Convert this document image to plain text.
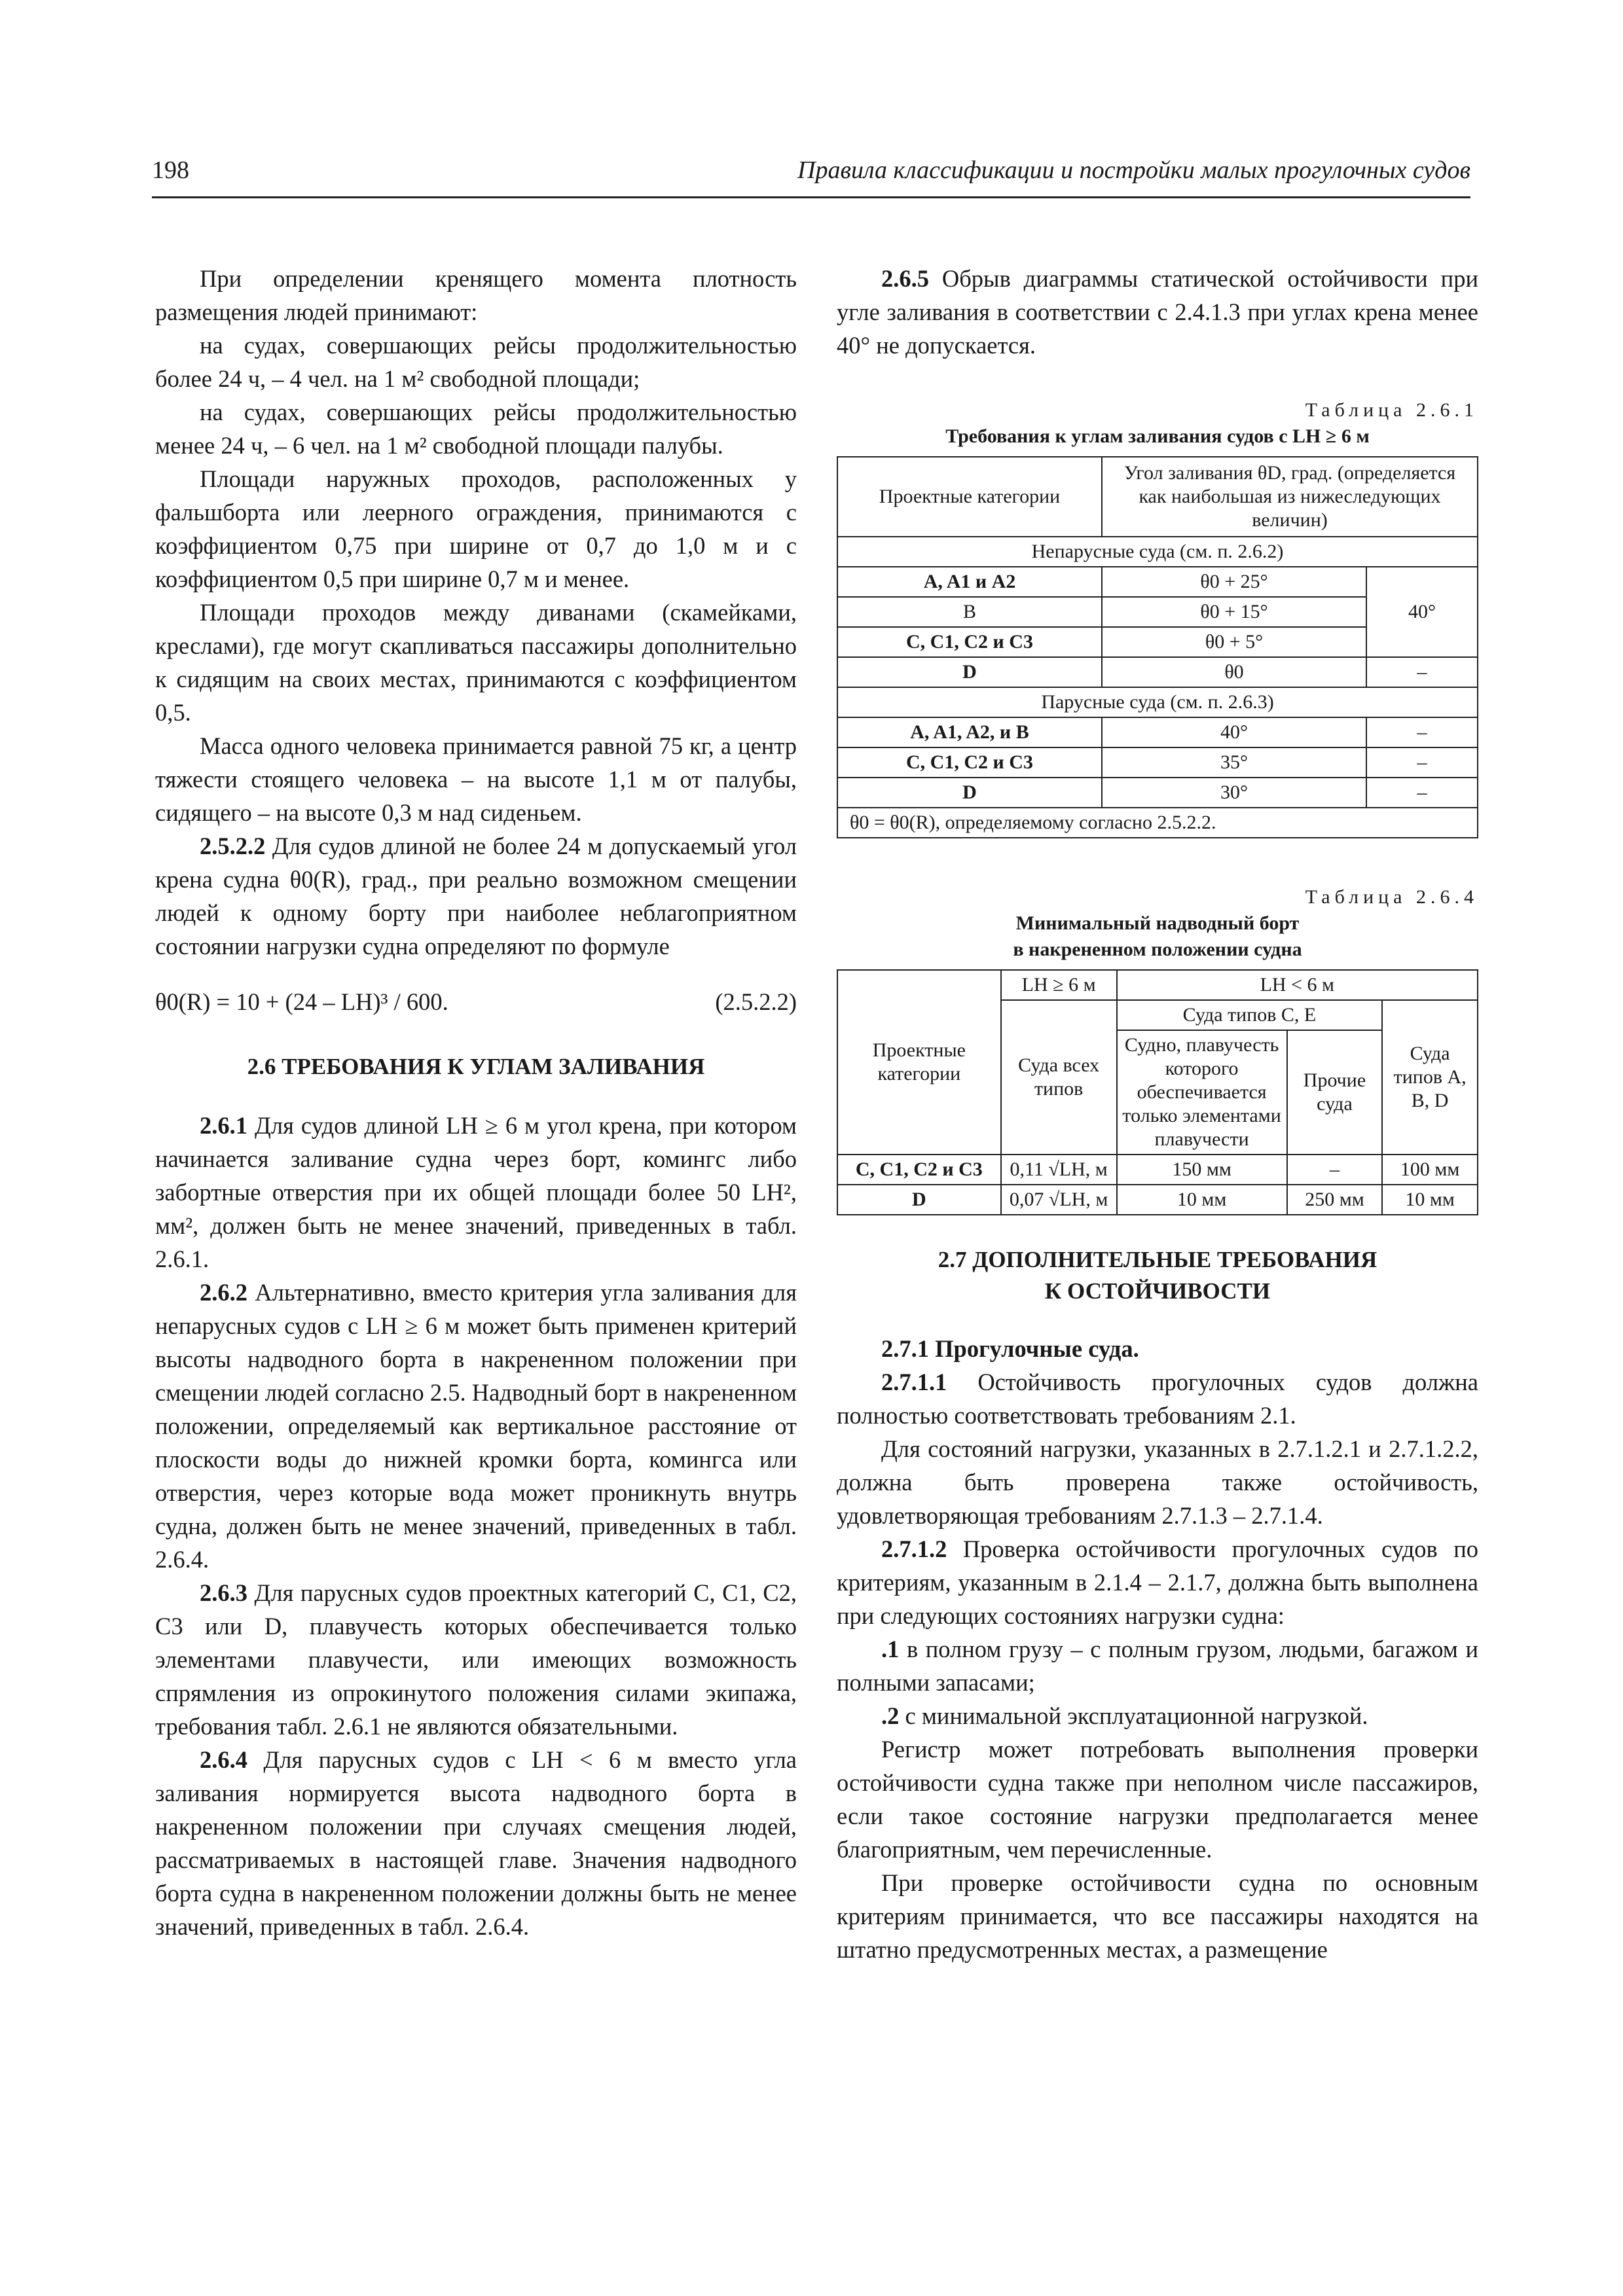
198	Правила классификации и постройки малых прогулочных судов

При определении кренящего момента плотность размещения людей принимают:

на судах, совершающих рейсы продолжительностью более 24 ч, – 4 чел. на 1 м² свободной площади;

на судах, совершающих рейсы продолжительностью менее 24 ч, – 6 чел. на 1 м² свободной площади палубы.

Площади наружных проходов, расположенных у фальшборта или леерного ограждения, принимаются с коэффициентом 0,75 при ширине от 0,7 до 1,0 м и с коэффициентом 0,5 при ширине 0,7 м и менее.

Площади проходов между диванами (скамейками, креслами), где могут скапливаться пассажиры дополнительно к сидящим на своих местах, принимаются с коэффициентом 0,5.

Масса одного человека принимается равной 75 кг, а центр тяжести стоящего человека – на высоте 1,1 м от палубы, сидящего – на высоте 0,3 м над сиденьем.

2.5.2.2 Для судов длиной не более 24 м допускаемый угол крена судна θ0(R), град., при реально возможном смещении людей к одному борту при наиболее неблагоприятном состоянии нагрузки судна определяют по формуле

θ0(R) = 10 + (24 – LH)³ / 600.	(2.5.2.2)
2.6 ТРЕБОВАНИЯ К УГЛАМ ЗАЛИВАНИЯ

2.6.1 Для судов длиной LH ≥ 6 м угол крена, при котором начинается заливание судна через борт, комингс либо забортные отверстия при их общей площади более 50 LH², мм², должен быть не менее значений, приведенных в табл. 2.6.1.

2.6.2 Альтернативно, вместо критерия угла заливания для непарусных судов с LH ≥ 6 м может быть применен критерий высоты надводного борта в накрененном положении при смещении людей согласно 2.5. Надводный борт в накрененном положении, определяемый как вертикальное расстояние от плоскости воды до нижней кромки борта, комингса или отверстия, через которые вода может проникнуть внутрь судна, должен быть не менее значений, приведенных в табл. 2.6.4.

2.6.3 Для парусных судов проектных категорий C, C1, C2, C3 или D, плавучесть которых обеспечивается только элементами плавучести, или имеющих возможность спрямления из опрокинутого положения силами экипажа, требования табл. 2.6.1 не являются обязательными.

2.6.4 Для парусных судов с LH < 6 м вместо угла заливания нормируется высота надводного борта в накрененном положении при случаях смещения людей, рассматриваемых в настоящей главе. Значения надводного борта судна в накрененном положении должны быть не менее значений, приведенных в табл. 2.6.4.

2.6.5 Обрыв диаграммы статической остойчивости при угле заливания в соответствии с 2.4.1.3 при углах крена менее 40° не допускается.

Таблица 2.6.1
Требования к углам заливания судов с LH ≥ 6 м
Проектные категории	Угол заливания θD, град. (определяется как наибольшая из нижеследующих величин)	
Непарусные суда (см. п. 2.6.2)		
A, A1 и A2	θ0 + 25°	40°
B	θ0 + 15°	
C, C1, C2 и C3	θ0 + 5°	
D	θ0	–
Парусные суда (см. п. 2.6.3)		
A, A1, A2, и B	40°	–
C, C1, C2 и C3	35°	–
D	30°	–
θ0 = θ0(R), определяемому согласно 2.5.2.2.		
Таблица 2.6.4
Минимальный надводный борт
в накрененном положении судна
Проектные категории	LH ≥ 6 м	LH < 6 м		
	Суда всех типов	Суда типов С, Е		Суда типов A, B, D
		Судно, плавучесть которого обеспечивается только элементами плавучести	Прочие суда	
C, C1, C2 и C3	0,11 √LH, м	150 мм	–	100 мм
D	0,07 √LH, м	10 мм	250 мм	10 мм
2.7 ДОПОЛНИТЕЛЬНЫЕ ТРЕБОВАНИЯ
К ОСТОЙЧИВОСТИ

2.7.1 Прогулочные суда.

2.7.1.1 Остойчивость прогулочных судов должна полностью соответствовать требованиям 2.1.

Для состояний нагрузки, указанных в 2.7.1.2.1 и 2.7.1.2.2, должна быть проверена также остойчивость, удовлетворяющая требованиям 2.7.1.3 – 2.7.1.4.

2.7.1.2 Проверка остойчивости прогулочных судов по критериям, указанным в 2.1.4 – 2.1.7, должна быть выполнена при следующих состояниях нагрузки судна:

.1 в полном грузу – с полным грузом, людьми, багажом и полными запасами;

.2 с минимальной эксплуатационной нагрузкой.

Регистр может потребовать выполнения проверки остойчивости судна также при неполном числе пассажиров, если такое состояние нагрузки предполагается менее благоприятным, чем перечисленные.

При проверке остойчивости судна по основным критериям принимается, что все пассажиры находятся на штатно предусмотренных местах, а размещение
